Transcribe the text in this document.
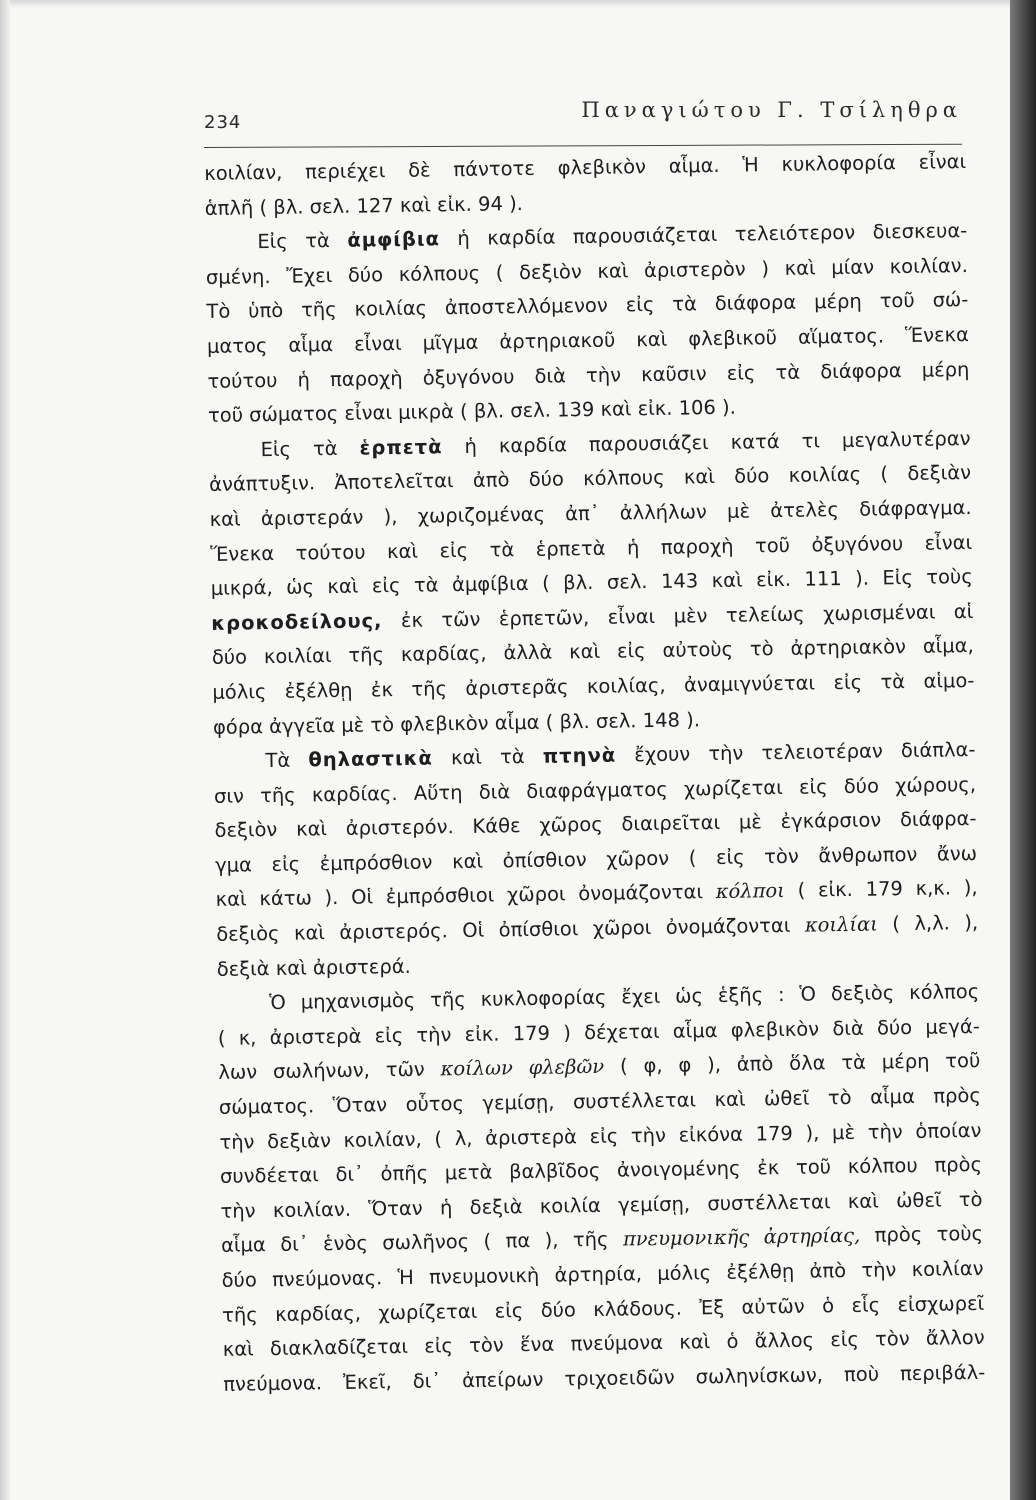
234
Παναγιώτου Γ. Τσίληθρα
κοιλίαν, περιέχει δὲ πάντοτε φλεβικὸν αἷμα. Ἡ κυκλοφορία εἶναι
ἁπλῆ ( βλ. σελ. 127 καὶ εἰκ. 94 ).
Εἰς τὰ ἀμφίβια ἡ καρδία παρουσιάζεται τελειότερον διεσκευα-
σμένη. Ἔχει δύο κόλπους ( δεξιὸν καὶ ἀριστερὸν ) καὶ μίαν κοιλίαν.
Τὸ ὑπὸ τῆς κοιλίας ἀποστελλόμενον εἰς τὰ διάφορα μέρη τοῦ σώ-
ματος αἷμα εἶναι μῖγμα ἀρτηριακοῦ καὶ φλεβικοῦ αἵματος. Ἕνεκα
τούτου ἡ παροχὴ ὀξυγόνου διὰ τὴν καῦσιν εἰς τὰ διάφορα μέρη
τοῦ σώματος εἶναι μικρὰ ( βλ. σελ. 139 καὶ εἰκ. 106 ).
Εἰς τὰ ἑρπετὰ ἡ καρδία παρουσιάζει κατά τι μεγαλυτέραν
ἀνάπτυξιν. Ἀποτελεῖται ἀπὸ δύο κόλπους καὶ δύο κοιλίας ( δεξιὰν
καὶ ἀριστεράν ), χωριζομένας ἀπ᾽ ἀλλήλων μὲ ἀτελὲς διάφραγμα.
Ἕνεκα τούτου καὶ εἰς τὰ ἑρπετὰ ἡ παροχὴ τοῦ ὀξυγόνου εἶναι
μικρά, ὡς καὶ εἰς τὰ ἀμφίβια ( βλ. σελ. 143 καὶ εἰκ. 111 ). Εἰς τοὺς
κροκοδείλους, ἐκ τῶν ἑρπετῶν, εἶναι μὲν τελείως χωρισμέναι αἱ
δύο κοιλίαι τῆς καρδίας, ἀλλὰ καὶ εἰς αὐτοὺς τὸ ἀρτηριακὸν αἷμα,
μόλις ἐξέλθῃ ἐκ τῆς ἀριστερᾶς κοιλίας, ἀναμιγνύεται εἰς τὰ αἱμο-
φόρα ἀγγεῖα μὲ τὸ φλεβικὸν αἷμα ( βλ. σελ. 148 ).
Τὰ θηλαστικὰ καὶ τὰ πτηνὰ ἔχουν τὴν τελειοτέραν διάπλα-
σιν τῆς καρδίας. Αὕτη διὰ διαφράγματος χωρίζεται εἰς δύο χώρους,
δεξιὸν καὶ ἀριστερόν. Κάθε χῶρος διαιρεῖται μὲ ἐγκάρσιον διάφρα-
γμα εἰς ἐμπρόσθιον καὶ ὀπίσθιον χῶρον ( εἰς τὸν ἄνθρωπον ἄνω
καὶ κάτω ). Οἱ ἐμπρόσθιοι χῶροι ὀνομάζονται κόλποι ( εἰκ. 179 κ,κ. ),
δεξιὸς καὶ ἀριστερός. Οἱ ὀπίσθιοι χῶροι ὀνομάζονται κοιλίαι ( λ,λ. ),
δεξιὰ καὶ ἀριστερά.
Ὁ μηχανισμὸς τῆς κυκλοφορίας ἔχει ὡς ἑξῆς : Ὁ δεξιὸς κόλπος
( κ, ἀριστερὰ εἰς τὴν εἰκ. 179 ) δέχεται αἷμα φλεβικὸν διὰ δύο μεγά-
λων σωλήνων, τῶν κοίλων φλεβῶν ( φ, φ ), ἀπὸ ὅλα τὰ μέρη τοῦ
σώματος. Ὅταν οὗτος γεμίσῃ, συστέλλεται καὶ ὠθεῖ τὸ αἷμα πρὸς
τὴν δεξιὰν κοιλίαν, ( λ, ἀριστερὰ εἰς τὴν εἰκόνα 179 ), μὲ τὴν ὁποίαν
συνδέεται δι᾽ ὀπῆς μετὰ βαλβῖδος ἀνοιγομένης ἐκ τοῦ κόλπου πρὸς
τὴν κοιλίαν. Ὅταν ἡ δεξιὰ κοιλία γεμίσῃ, συστέλλεται καὶ ὠθεῖ τὸ
αἷμα δι᾽ ἑνὸς σωλῆνος ( πα ), τῆς πνευμονικῆς ἀρτηρίας, πρὸς τοὺς
δύο πνεύμονας. Ἡ πνευμονικὴ ἀρτηρία, μόλις ἐξέλθῃ ἀπὸ τὴν κοιλίαν
τῆς καρδίας, χωρίζεται εἰς δύο κλάδους. Ἐξ αὐτῶν ὁ εἷς εἰσχωρεῖ
καὶ διακλαδίζεται εἰς τὸν ἕνα πνεύμονα καὶ ὁ ἄλλος εἰς τὸν ἄλλον
πνεύμονα. Ἐκεῖ, δι᾽ ἀπείρων τριχοειδῶν σωληνίσκων, ποὺ περιβάλ-
